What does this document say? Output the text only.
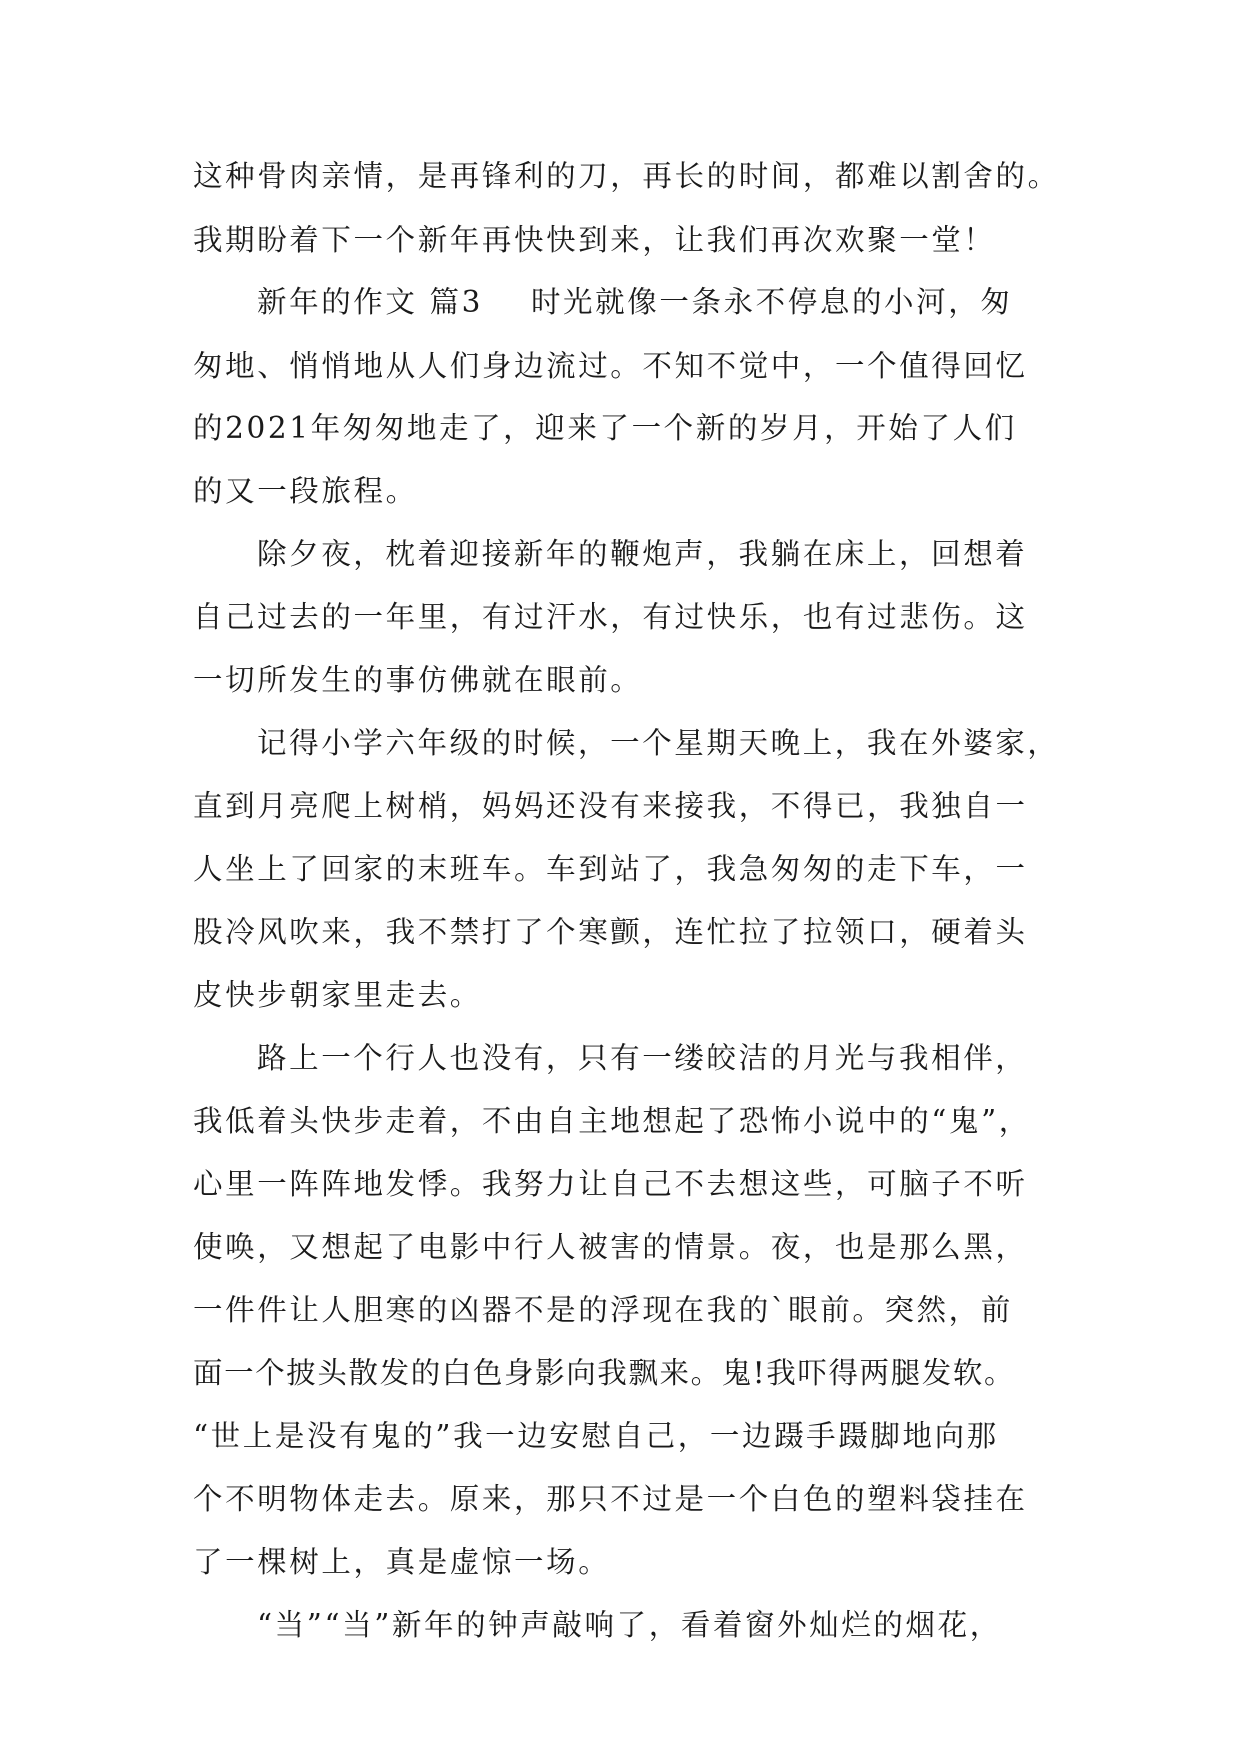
这种骨肉亲情，是再锋利的刀，再长的时间，都难以割舍的。
我期盼着下一个新年再快快到来，让我们再次欢聚一堂！
新年的作文 篇3 时光就像一条永不停息的小河，匆
匆地、悄悄地从人们身边流过。不知不觉中，一个值得回忆
的2021年匆匆地走了，迎来了一个新的岁月，开始了人们
的又一段旅程。
除夕夜，枕着迎接新年的鞭炮声，我躺在床上，回想着
自己过去的一年里，有过汗水，有过快乐，也有过悲伤。这
一切所发生的事仿佛就在眼前。
记得小学六年级的时候，一个星期天晚上，我在外婆家，
直到月亮爬上树梢，妈妈还没有来接我，不得已，我独自一
人坐上了回家的末班车。车到站了，我急匆匆的走下车，一
股冷风吹来，我不禁打了个寒颤，连忙拉了拉领口，硬着头
皮快步朝家里走去。
路上一个行人也没有，只有一缕皎洁的月光与我相伴，
我低着头快步走着，不由自主地想起了恐怖小说中的“鬼”，
心里一阵阵地发悸。我努力让自己不去想这些，可脑子不听
使唤，又想起了电影中行人被害的情景。夜，也是那么黑，
一件件让人胆寒的凶器不是的浮现在我的`眼前。突然，前
面一个披头散发的白色身影向我飘来。鬼!我吓得两腿发软。
“世上是没有鬼的”我一边安慰自己，一边蹑手蹑脚地向那
个不明物体走去。原来，那只不过是一个白色的塑料袋挂在
了一棵树上，真是虚惊一场。
“当”“当”新年的钟声敲响了，看着窗外灿烂的烟花，
